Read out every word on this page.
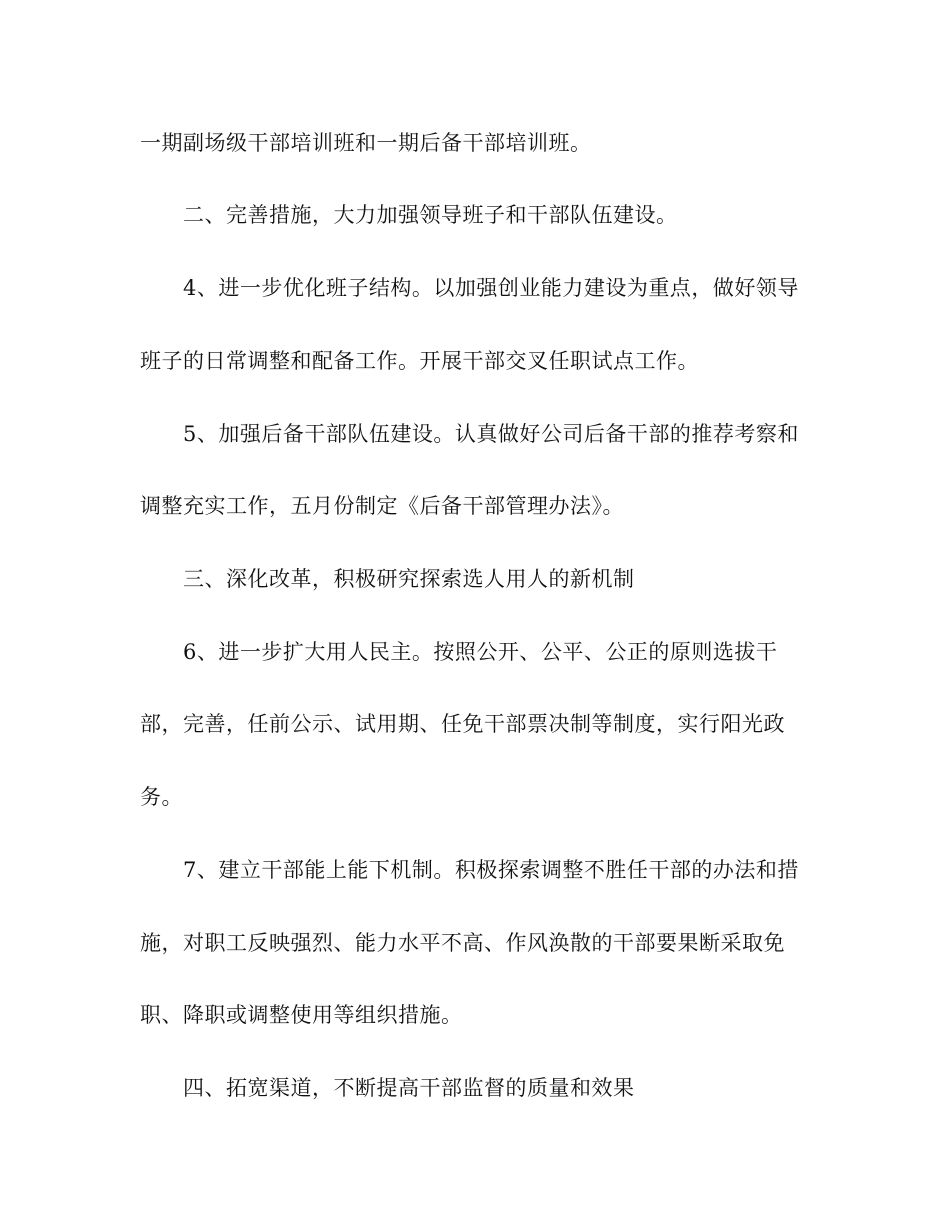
一期副场级干部培训班和一期后备干部培训班。
二、完善措施，大力加强领导班子和干部队伍建设。
4、进一步优化班子结构。以加强创业能力建设为重点，做好领导
班子的日常调整和配备工作。开展干部交叉任职试点工作。
5、加强后备干部队伍建设。认真做好公司后备干部的推荐考察和
调整充实工作，五月份制定《后备干部管理办法》。
三、深化改革，积极研究探索选人用人的新机制
6、进一步扩大用人民主。按照公开、公平、公正的原则选拔干
部，完善，任前公示、试用期、任免干部票决制等制度，实行阳光政
务。
7、建立干部能上能下机制。积极探索调整不胜任干部的办法和措
施，对职工反映强烈、能力水平不高、作风涣散的干部要果断采取免
职、降职或调整使用等组织措施。
四、拓宽渠道，不断提高干部监督的质量和效果
